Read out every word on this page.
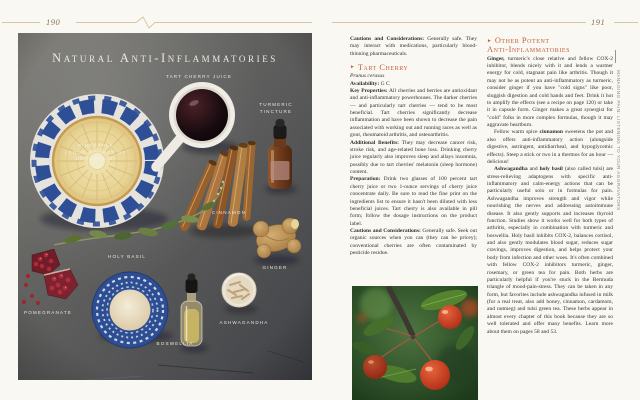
190	191
MANAGING PAIN: LISTENING TO YOUR AGGRAVATORS
Natural Anti-Inflammatories
TART CHERRY JUICE
TURMERIC
TINCTURE
PINEAPPLE
(GOOD SOURCE OF
BROMELAIN)
CINNAMON
HOLY BASIL
GINGER
POMEGRANATE
ASHWAGANDHA
BOSWELLIA

Cautions and Considerations: Generally safe. They may interact with medications, particularly blood-thinning pharmaceuticals.

► Tart Cherry

Prunus cerasus

Availability: G C

Key Properties: All cherries and berries are antioxidant and anti-inflammatory powerhouses. The darker cherries — and particularly tart cherries — tend to be most beneficial. Tart cherries significantly decrease inflammation and have been shown to decrease the pain associated with working out and running races as well as gout, rheumatoid arthritis, and osteoarthritis.

Additional Benefits: They may decrease cancer risk, stroke risk, and age-related bone loss. Drinking cherry juice regularly also improves sleep and allays insomnia, possibly due to tart cherries' melatonin (sleep hormone) content.

Preparation: Drink two glasses of 100 percent tart cherry juice or two 1-ounce servings of cherry juice concentrate daily. Be sure to read the fine print on the ingredients list to ensure it hasn't been diluted with less beneficial juices. Tart cherry is also available in pill form; follow the dosage instructions on the product label.

Cautions and Considerations: Generally safe. Seek out organic sources when you can (they can be pricey); conventional cherries are often contaminated by pesticide residue.

► Other Potent
Anti-Inflammatories

Ginger, turmeric's close relative and fellow COX-2 inhibitor, blends nicely with it and lends a warmer energy for cold, stagnant pain like arthritis. Though it may not be as potent an anti-inflammatory as turmeric, consider ginger if you have "cold signs" like poor, sluggish digestion and cold hands and feet. Drink it hot to amplify the effects (see a recipe on page 120) or take it in capsule form. Ginger makes a great synergist for "cold" folks in more complex formulas, though it may aggravate heartburn.

Fellow warm spice cinnamon sweetens the pot and also offers anti-inflammatory action (alongside digestive, astringent, antidiarrheal, and hypoglycemic effects). Steep a stick or two in a thermos for an hour — delicious!

Ashwagandha and holy basil (also called tulsi) are stress-relieving adaptogens with specific anti-inflammatory and calm-energy actions that can be particularly useful solo or in formulas for pain. Ashwagandha improves strength and vigor while nourishing the nerves and addressing autoimmune disease. It also gently supports and increases thyroid function. Studies show it works well for both types of arthritis, especially in combination with turmeric and boswellia. Holy basil inhibits COX-2, balances cortisol, and also gently modulates blood sugar, reduces sugar cravings, improves digestion, and helps protect your body from infection and other woes. It's often combined with fellow COX-2 inhibitors turmeric, ginger, rosemary, or green tea for pain. Both herbs are particularly helpful if you're stuck in the Bermuda triangle of mood-pain-stress. They can be taken in any form, but favorites include ashwagandha infused in milk (for a real treat, also add honey, cinnamon, cardamom, and nutmeg) and tulsi green tea. These herbs appear in almost every chapter of this book because they are so well tolerated and offer many benefits. Learn more about them on pages 58 and 53.
